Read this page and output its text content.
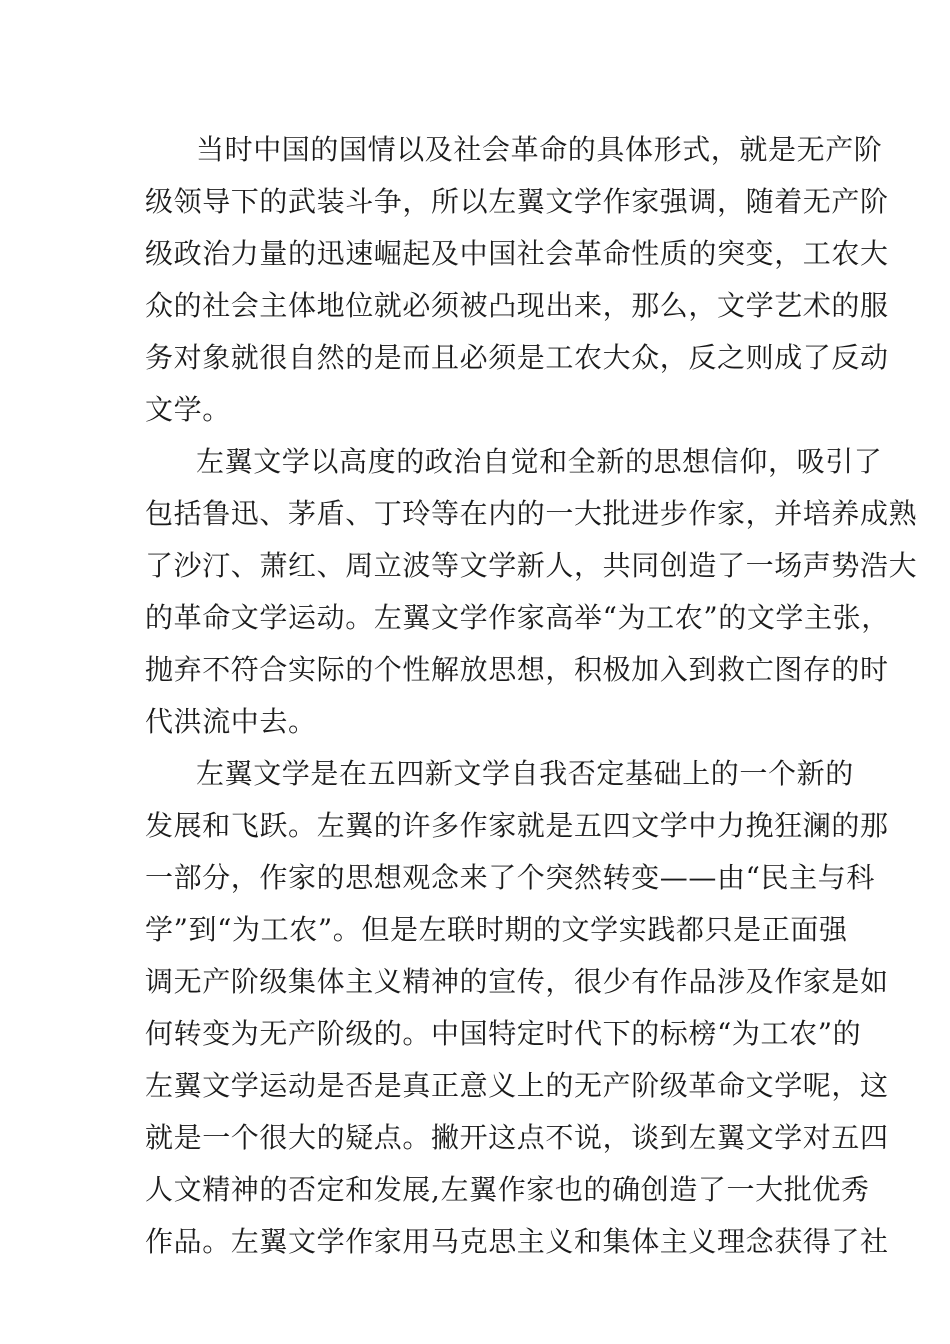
当时中国的国情以及社会革命的具体形式，就是无产阶
级领导下的武装斗争，所以左翼文学作家强调，随着无产阶
级政治力量的迅速崛起及中国社会革命性质的突变，工农大
众的社会主体地位就必须被凸现出来，那么，文学艺术的服
务对象就很自然的是而且必须是工农大众，反之则成了反动
文学。
左翼文学以高度的政治自觉和全新的思想信仰，吸引了
包括鲁迅、茅盾、丁玲等在内的一大批进步作家，并培养成熟
了沙汀、萧红、周立波等文学新人，共同创造了一场声势浩大
的革命文学运动。左翼文学作家高举“为工农”的文学主张，
抛弃不符合实际的个性解放思想，积极加入到救亡图存的时
代洪流中去。
左翼文学是在五四新文学自我否定基础上的一个新的
发展和飞跃。左翼的许多作家就是五四文学中力挽狂澜的那
一部分，作家的思想观念来了个突然转变——由“民主与科
学”到“为工农”。但是左联时期的文学实践都只是正面强
调无产阶级集体主义精神的宣传，很少有作品涉及作家是如
何转变为无产阶级的。中国特定时代下的标榜“为工农”的
左翼文学运动是否是真正意义上的无产阶级革命文学呢，这
就是一个很大的疑点。撇开这点不说，谈到左翼文学对五四
人文精神的否定和发展,左翼作家也的确创造了一大批优秀
作品。左翼文学作家用马克思主义和集体主义理念获得了社
